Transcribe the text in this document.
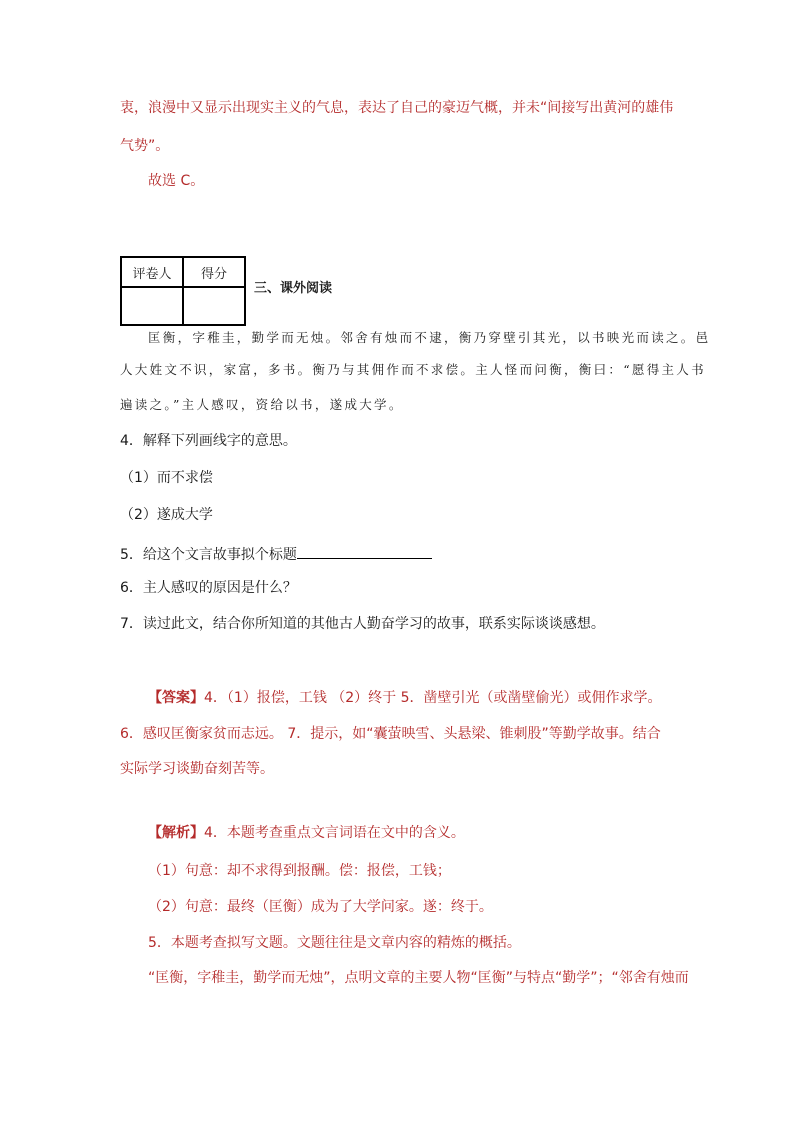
衷，浪漫中又显示出现实主义的气息，表达了自己的豪迈气概，并未“间接写出黄河的雄伟
气势”。
故选 C。
评卷人	得分

三、课外阅读
匡衡，字稚圭，勤学而无烛。邻舍有烛而不逮，衡乃穿壁引其光，以书映光而读之。邑
人大姓文不识，家富，多书。衡乃与其佣作而不求偿。主人怪而问衡，衡曰：“愿得主人书
遍读之。”主人感叹，资给以书，遂成大学。
4．解释下列画线字的意思。
（1）而不求偿
（2）遂成大学
5．给这个文言故事拟个标题
6．主人感叹的原因是什么？
7．读过此文，结合你所知道的其他古人勤奋学习的故事，联系实际谈谈感想。
【答案】4．（1）报偿，工钱 （2）终于 5．凿壁引光（或凿壁偷光）或佣作求学。
6．感叹匡衡家贫而志远。 7．提示，如“囊萤映雪、头悬梁、锥刺股”等勤学故事。结合
实际学习谈勤奋刻苦等。
【解析】4．本题考查重点文言词语在文中的含义。
（1）句意：却不求得到报酬。偿：报偿，工钱；
（2）句意：最终（匡衡）成为了大学问家。遂：终于。
5．本题考查拟写文题。文题往往是文章内容的精炼的概括。
“匡衡，字稚圭，勤学而无烛”，点明文章的主要人物“匡衡”与特点“勤学”；“邻舍有烛而
